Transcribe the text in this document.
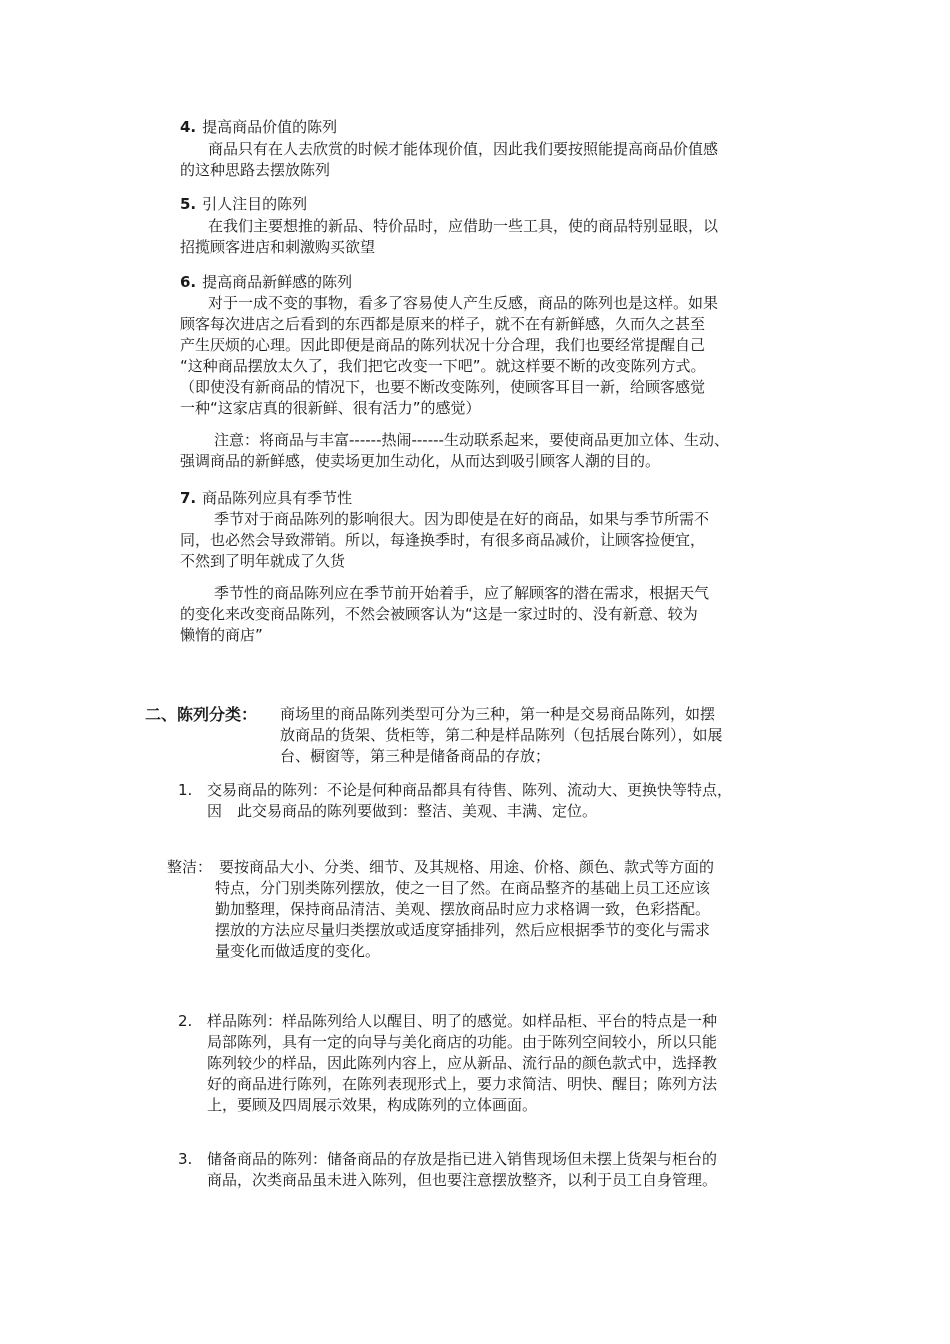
4. 提高商品价值的陈列
商品只有在人去欣赏的时候才能体现价值，因此我们要按照能提高商品价值感
的这种思路去摆放陈列
5. 引人注目的陈列
在我们主要想推的新品、特价品时，应借助一些工具，使的商品特别显眼，以
招揽顾客进店和刺激购买欲望
6. 提高商品新鲜感的陈列
对于一成不变的事物，看多了容易使人产生反感，商品的陈列也是这样。如果
顾客每次进店之后看到的东西都是原来的样子，就不在有新鲜感，久而久之甚至
产生厌烦的心理。因此即便是商品的陈列状况十分合理，我们也要经常提醒自己
“这种商品摆放太久了，我们把它改变一下吧”。就这样要不断的改变陈列方式。
（即使没有新商品的情况下，也要不断改变陈列，使顾客耳目一新，给顾客感觉
一种“这家店真的很新鲜、很有活力”的感觉）
注意：将商品与丰富------热闹------生动联系起来，要使商品更加立体、生动、
强调商品的新鲜感，使卖场更加生动化，从而达到吸引顾客人潮的目的。
7. 商品陈列应具有季节性
季节对于商品陈列的影响很大。因为即使是在好的商品，如果与季节所需不
同，也必然会导致滞销。所以，每逢换季时，有很多商品减价，让顾客捡便宜，
不然到了明年就成了久货
季节性的商品陈列应在季节前开始着手，应了解顾客的潜在需求，根据天气
的变化来改变商品陈列，不然会被顾客认为“这是一家过时的、没有新意、较为
懒惰的商店”
二、陈列分类： 商场里的商品陈列类型可分为三种，第一种是交易商品陈列，如摆
放商品的货架、货柜等，第二种是样品陈列（包括展台陈列），如展
台、橱窗等，第三种是储备商品的存放；
1. 交易商品的陈列：不论是何种商品都具有待售、陈列、流动大、更换快等特点，
因　此交易商品的陈列要做到：整洁、美观、丰满、定位。
整洁： 要按商品大小、分类、细节、及其规格、用途、价格、颜色、款式等方面的
特点，分门别类陈列摆放，使之一目了然。在商品整齐的基础上员工还应该
勤加整理，保持商品清洁、美观、摆放商品时应力求格调一致，色彩搭配。
摆放的方法应尽量归类摆放或适度穿插排列，然后应根据季节的变化与需求
量变化而做适度的变化。
2. 样品陈列：样品陈列给人以醒目、明了的感觉。如样品柜、平台的特点是一种
局部陈列，具有一定的向导与美化商店的功能。由于陈列空间较小，所以只能
陈列较少的样品，因此陈列内容上，应从新品、流行品的颜色款式中，选择教
好的商品进行陈列，在陈列表现形式上，要力求简洁、明快、醒目；陈列方法
上，要顾及四周展示效果，构成陈列的立体画面。
3. 储备商品的陈列：储备商品的存放是指已进入销售现场但未摆上货架与柜台的
商品，次类商品虽未进入陈列，但也要注意摆放整齐，以利于员工自身管理。
